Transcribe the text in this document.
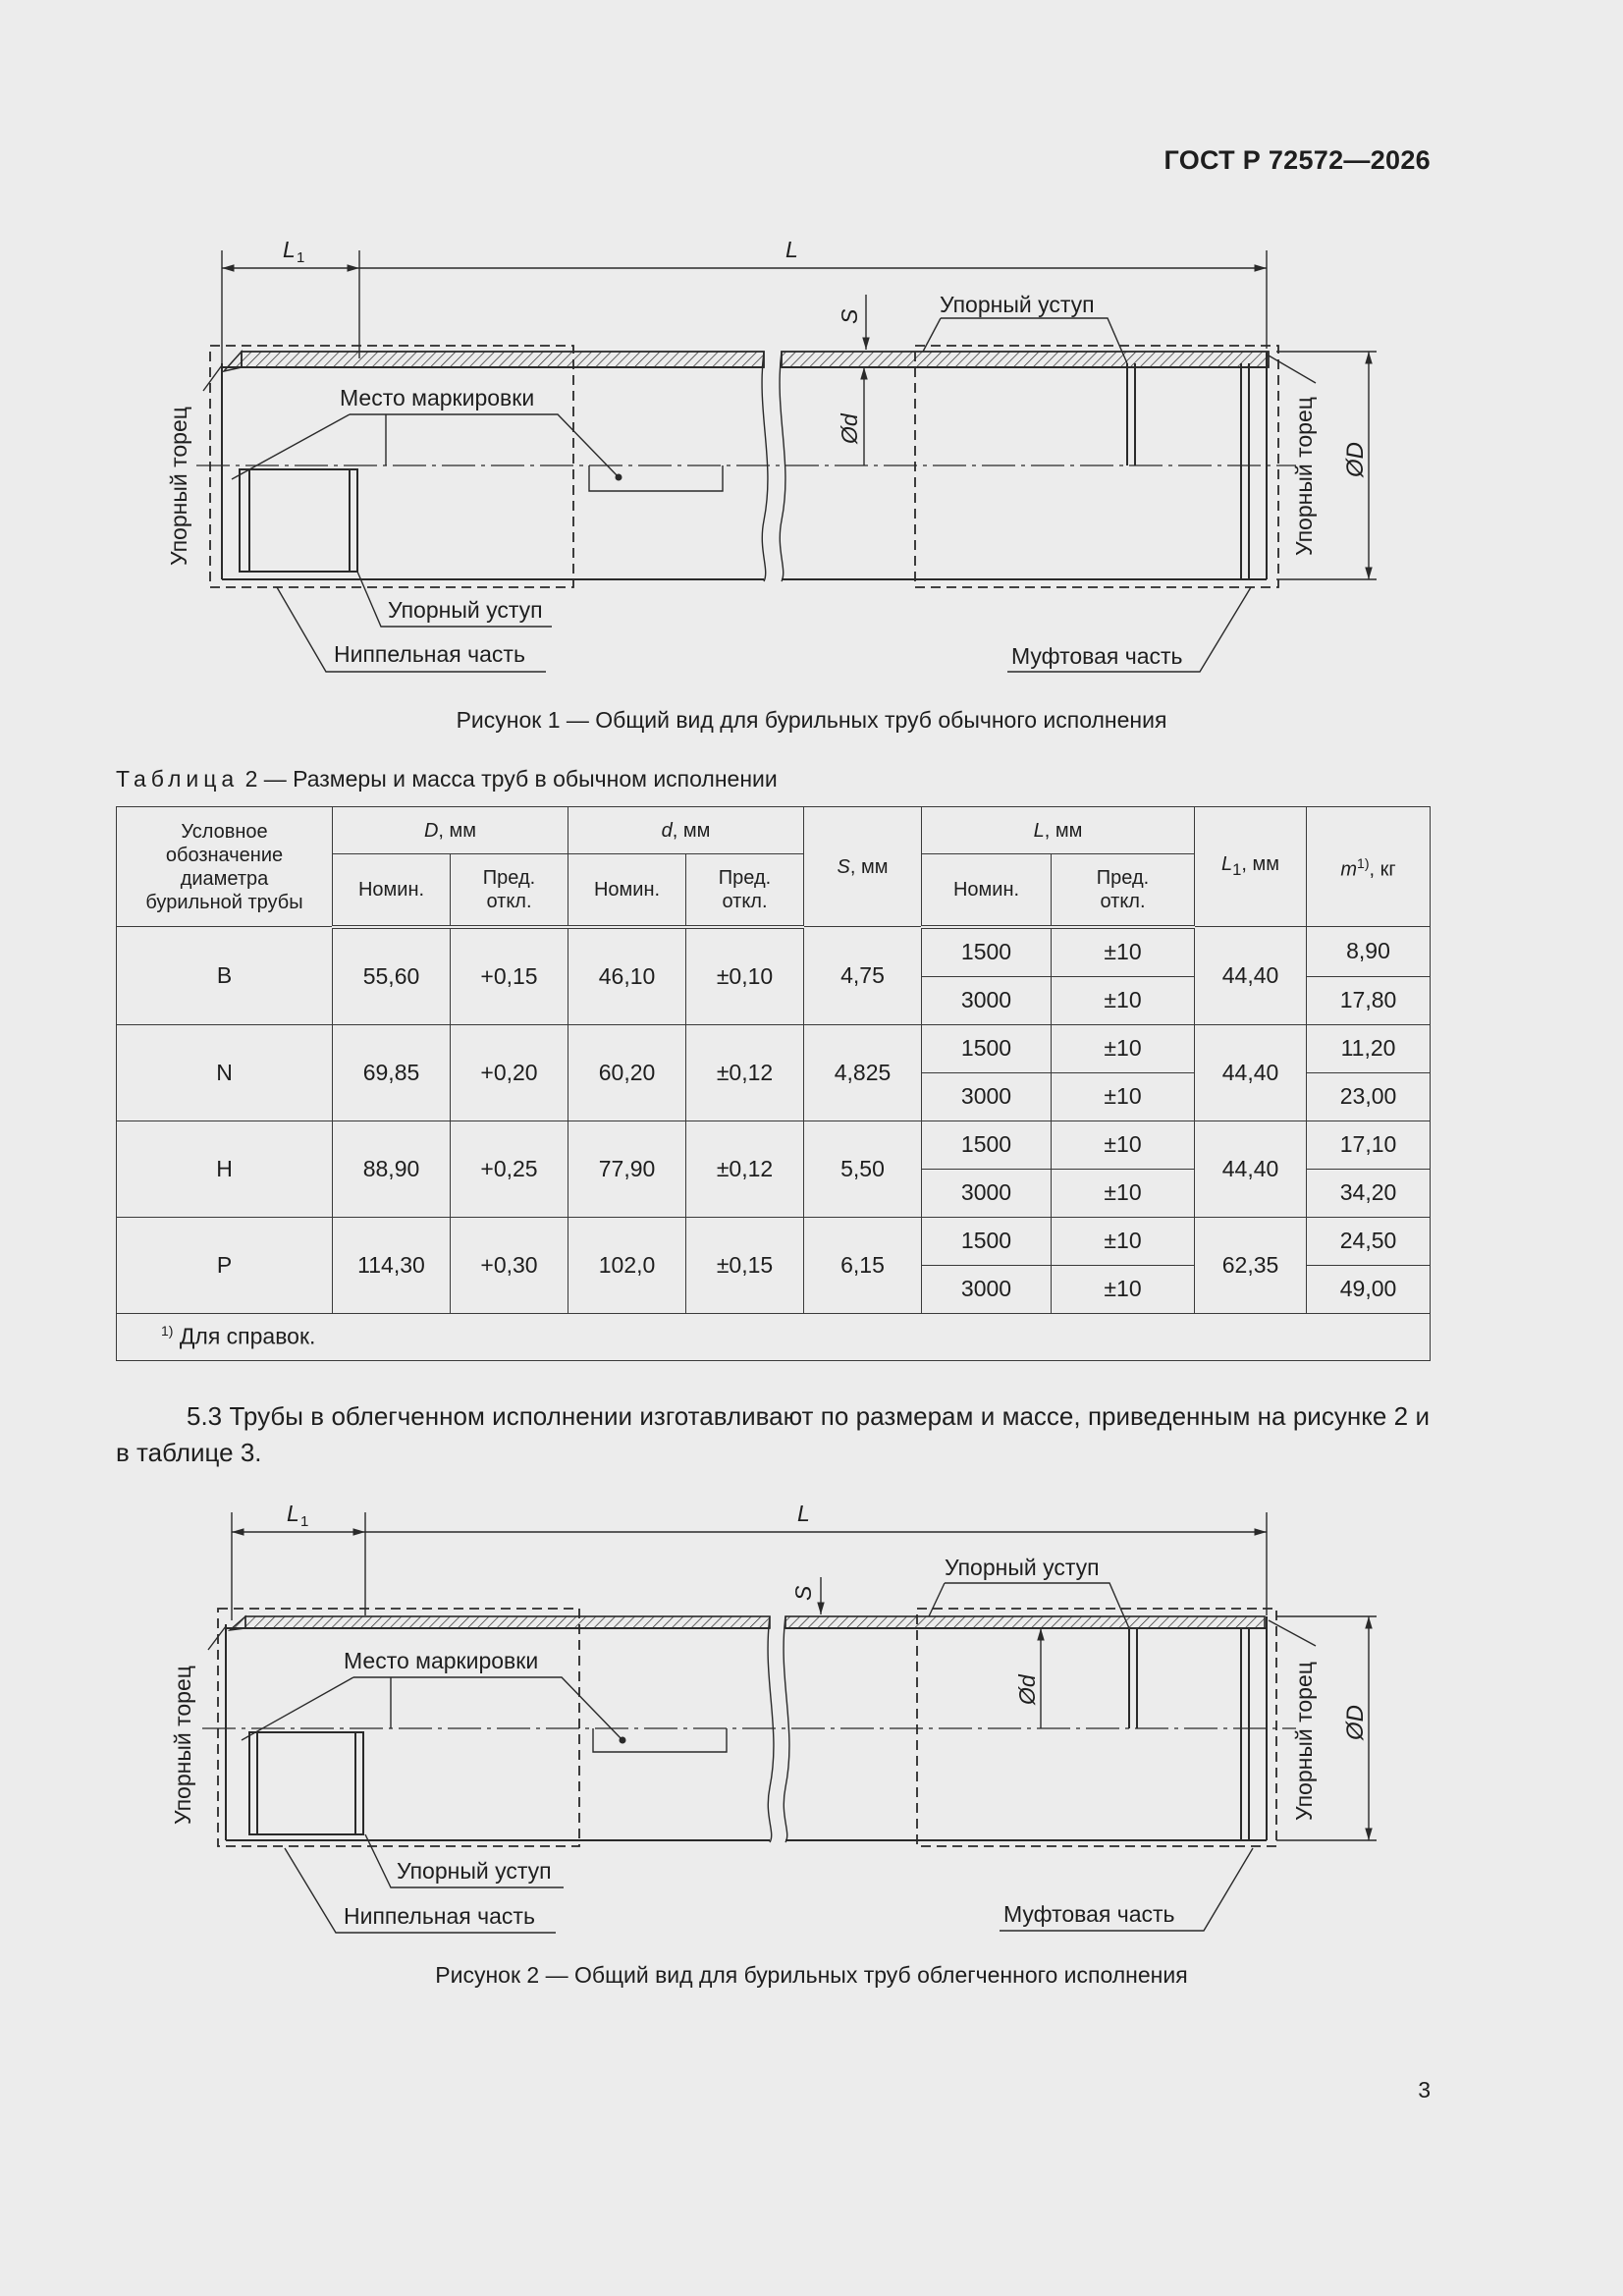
ГОСТ Р 72572—2026
L 1	L
Ød
S
ØD
Упорный уступ
Место маркировки
Упорный торец	Упорный торец
Упорный уступ
Ниппельная часть	Муфтовая часть
Рисунок 1 — Общий вид для бурильных труб обычного исполнения
Таблица 2 — Размеры и масса труб в обычном исполнении
Условное
обозначение
диаметра
бурильной трубы	D, мм		d, мм		S, мм	L, мм		$L_1$, мм	$m^{1)}$, кг
	Номин.	Пред.
откл.	Номин.	Пред.
откл.		Номин.	Пред.
откл.		
B	55,60	+0,15	46,10	±0,10	4,75	1500	±10	44,40	8,90
						3000	±10		17,80
N	69,85	+0,20	60,20	±0,12	4,825	1500	±10	44,40	11,20
						3000	±10		23,00
H	88,90	+0,25	77,90	±0,12	5,50	1500	±10	44,40	17,10
						3000	±10		34,20
P	114,30	+0,30	102,0	±0,15	6,15	1500	±10	62,35	24,50
						3000	±10		49,00
$^{1)}$ Для справок.									
5.3 Трубы в облегченном исполнении изготавливают по размерам и массе, приведенным на рисунке 2 и в таблице 3.
L 1	L
Ød
S
ØD
Упорный уступ
Место маркировки
Упорный торец	Упорный торец
Упорный уступ
Ниппельная часть	Муфтовая часть
Рисунок 2 — Общий вид для бурильных труб облегченного исполнения
3
